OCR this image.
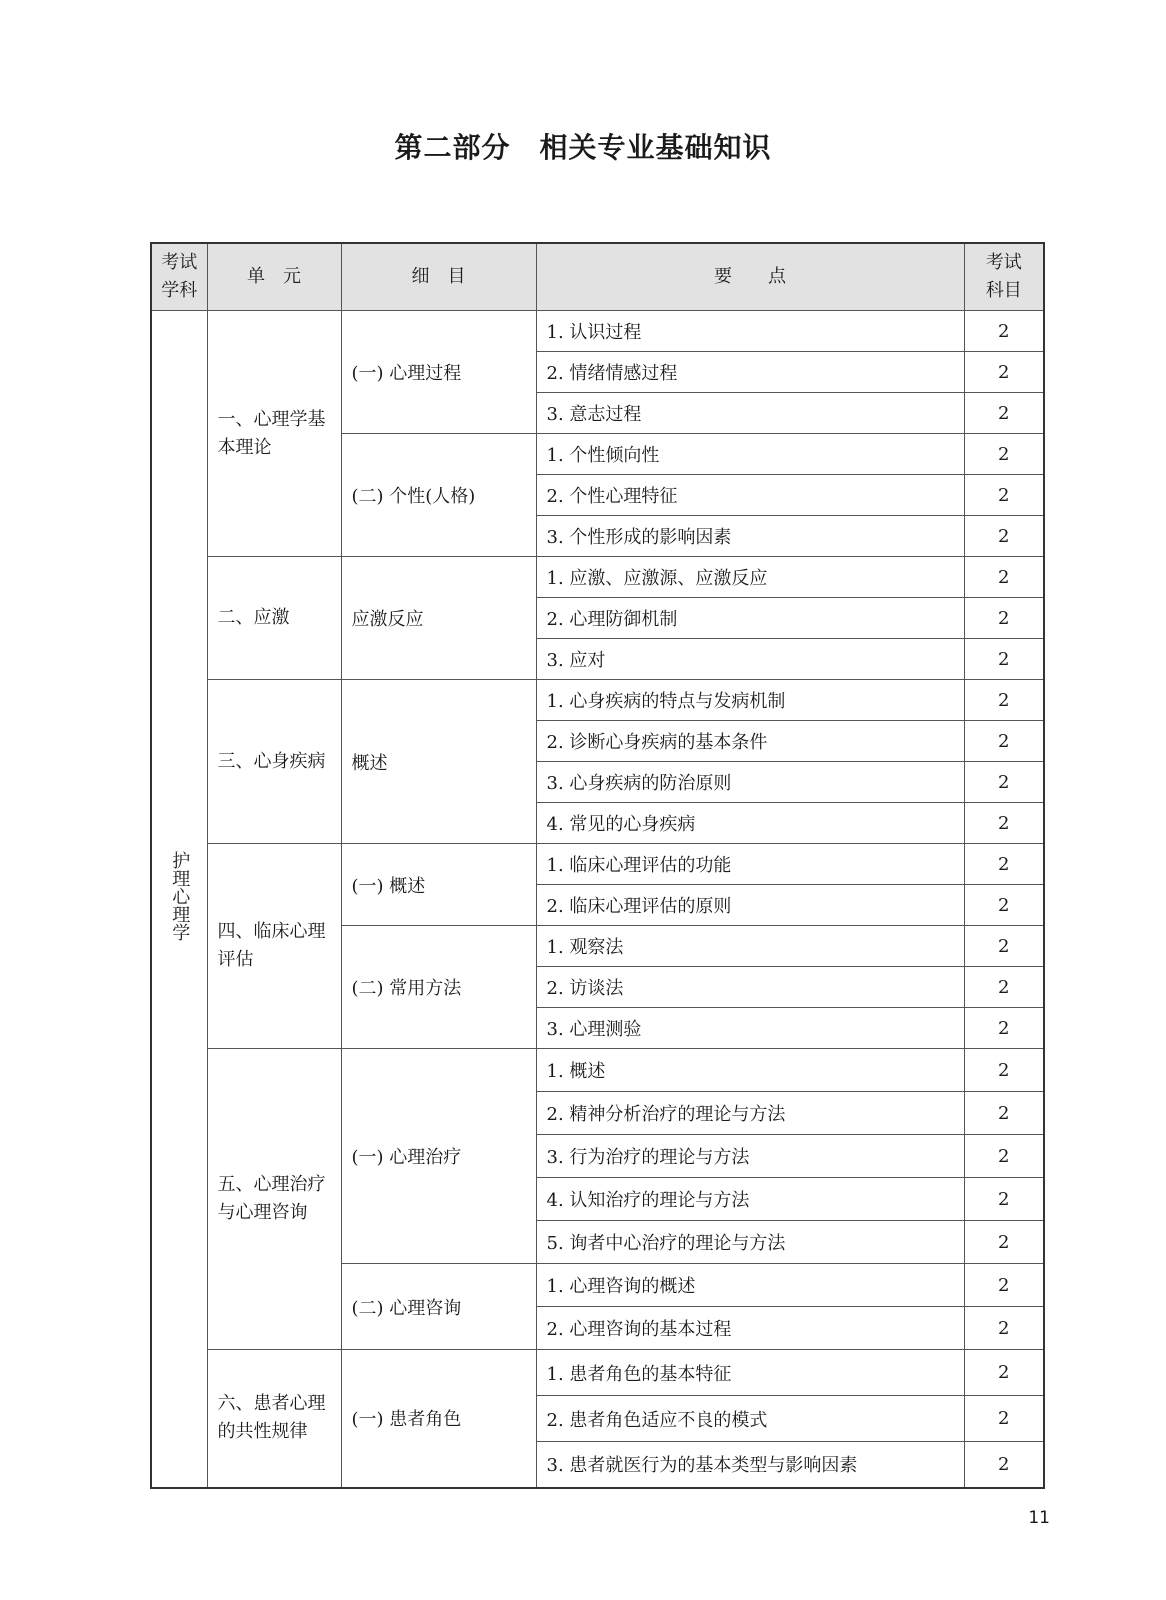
第二部分　相关专业基础知识
考试
学科	单　元	细　目	要　　点	考试
科目
护理心理学	一、心理学基本理论	(一) 心理过程	1. 认识过程	2
			2. 情绪情感过程	2
			3. 意志过程	2
		(二) 个性(人格)	1. 个性倾向性	2
			2. 个性心理特征	2
			3. 个性形成的影响因素	2
	二、应激	应激反应	1. 应激、应激源、应激反应	2
			2. 心理防御机制	2
			3. 应对	2
	三、心身疾病	概述	1. 心身疾病的特点与发病机制	2
			2. 诊断心身疾病的基本条件	2
			3. 心身疾病的防治原则	2
			4. 常见的心身疾病	2
	四、临床心理评估	(一) 概述	1. 临床心理评估的功能	2
			2. 临床心理评估的原则	2
		(二) 常用方法	1. 观察法	2
			2. 访谈法	2
			3. 心理测验	2
	五、心理治疗与心理咨询	(一) 心理治疗	1. 概述	2
			2. 精神分析治疗的理论与方法	2
			3. 行为治疗的理论与方法	2
			4. 认知治疗的理论与方法	2
			5. 询者中心治疗的理论与方法	2
		(二) 心理咨询	1. 心理咨询的概述	2
			2. 心理咨询的基本过程	2
	六、患者心理的共性规律	(一) 患者角色	1. 患者角色的基本特征	2
			2. 患者角色适应不良的模式	2
			3. 患者就医行为的基本类型与影响因素	2
11
